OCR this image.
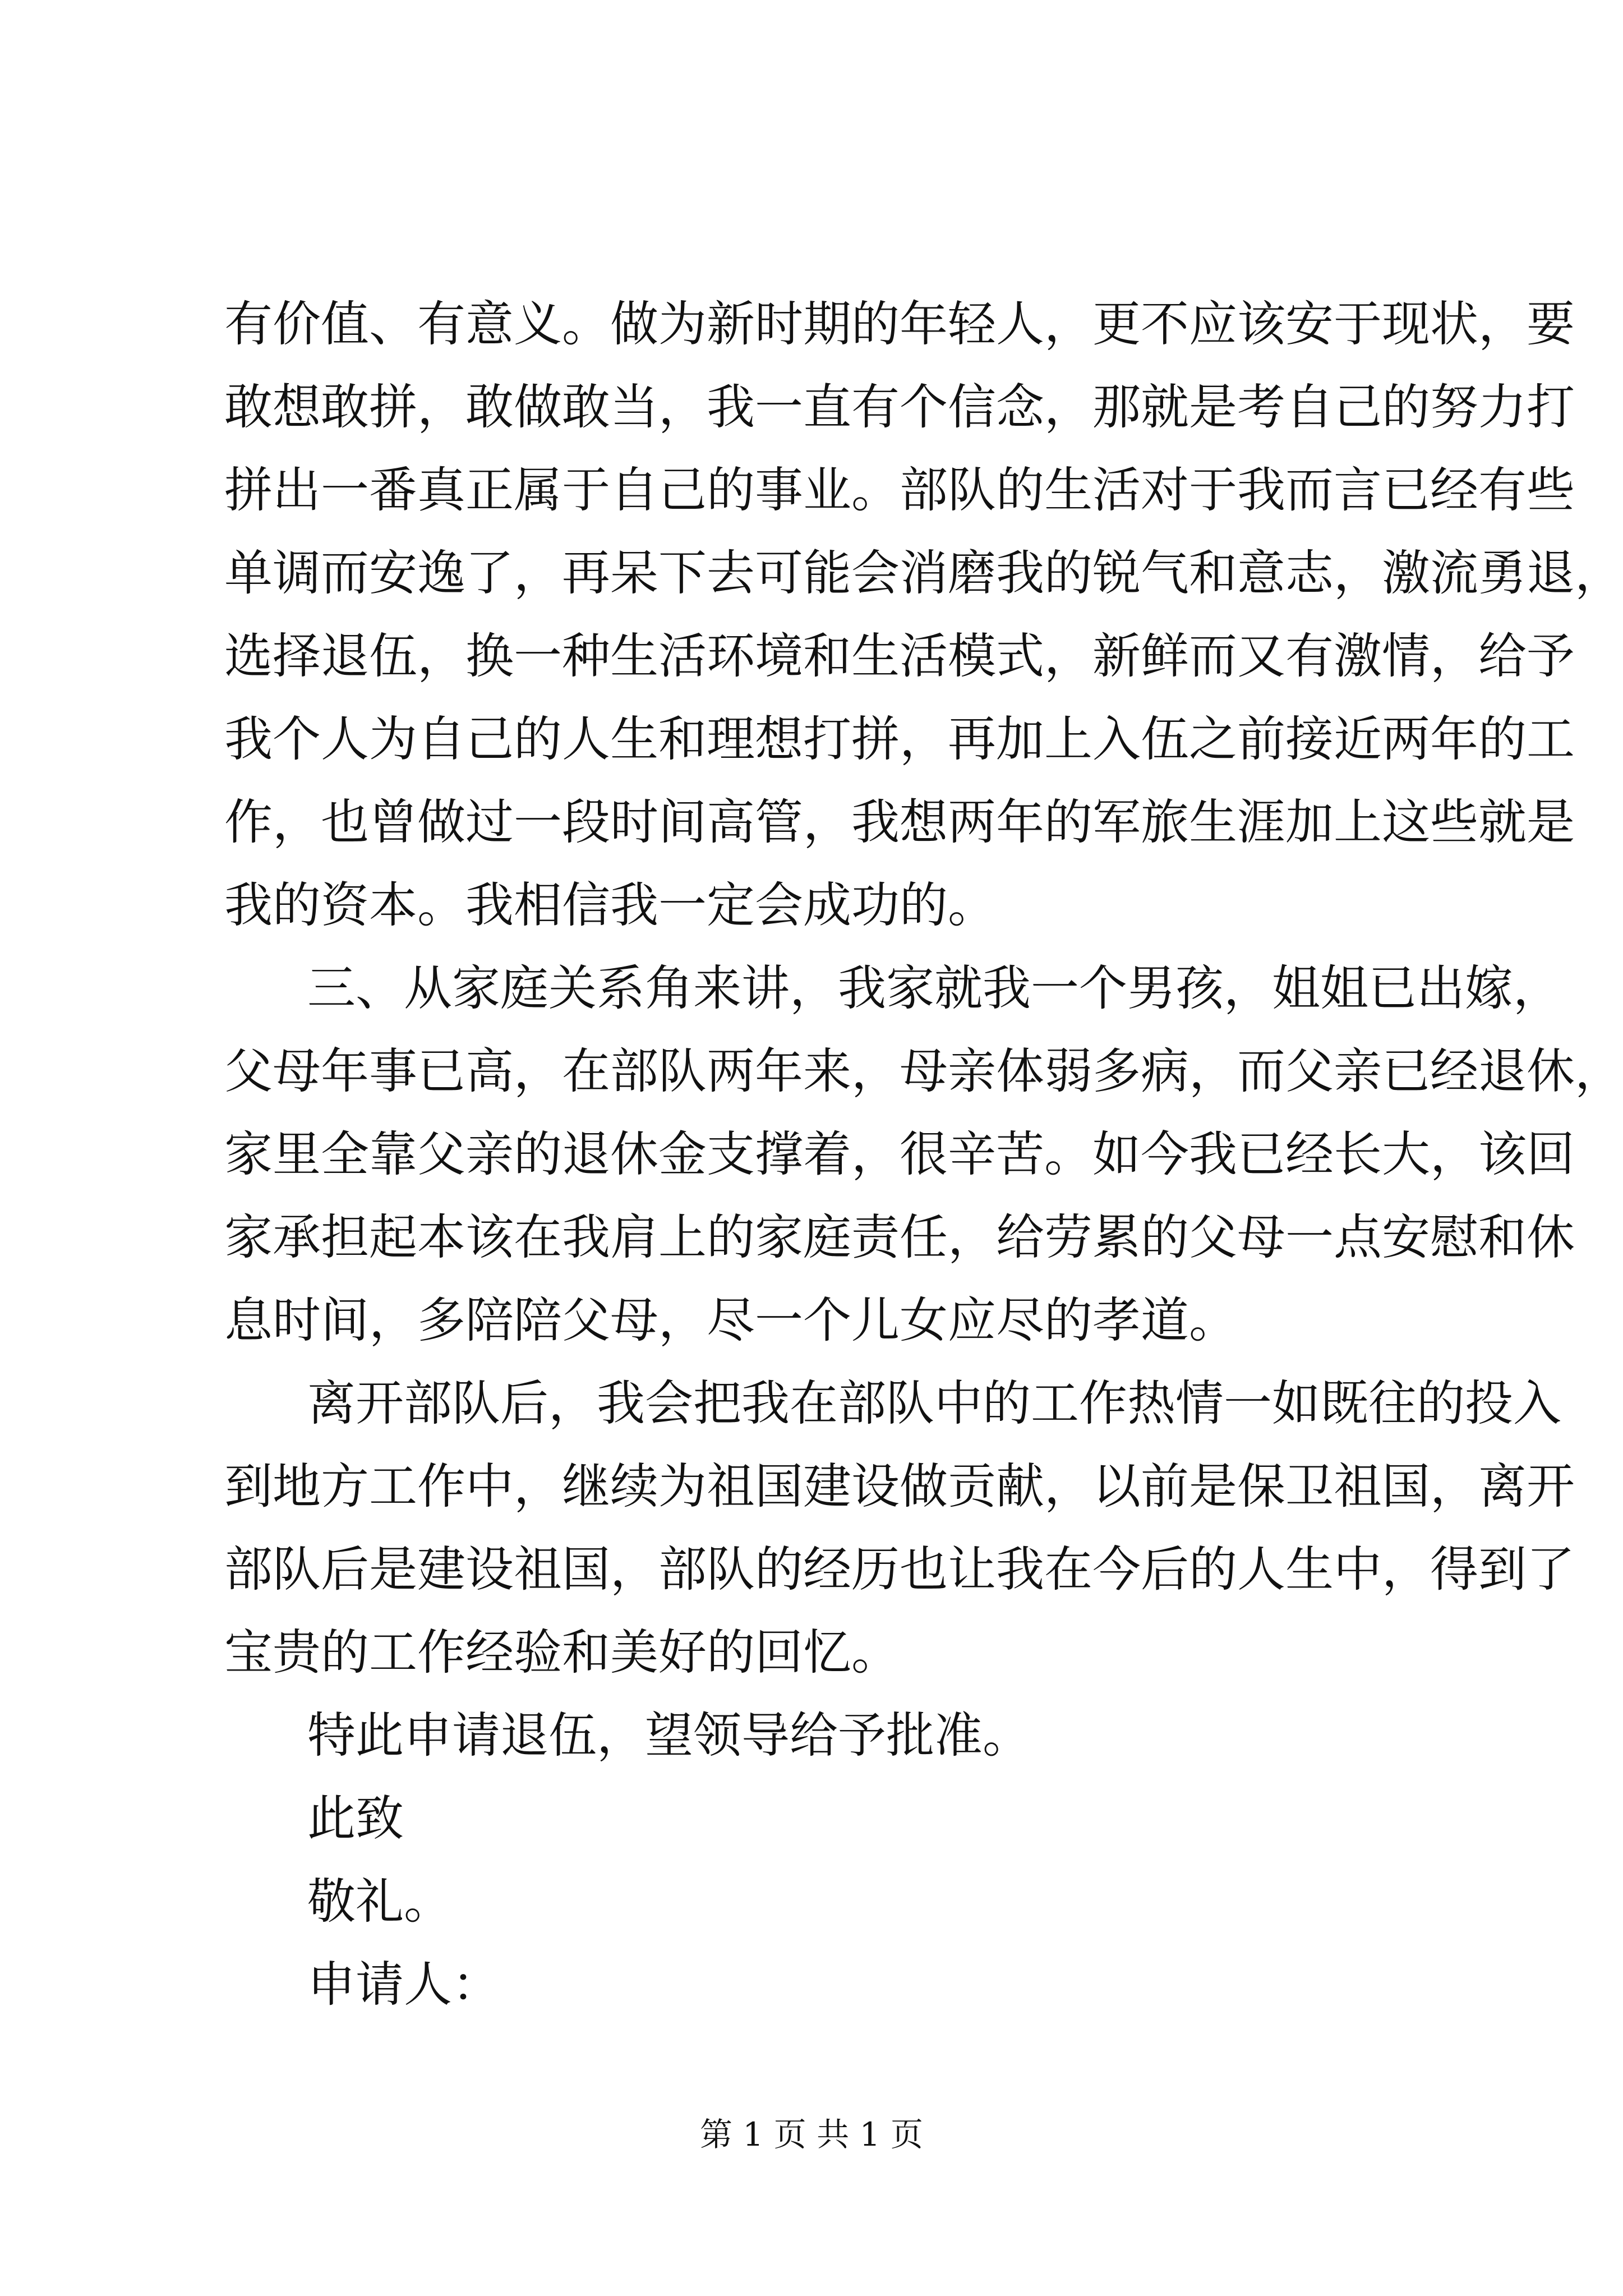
有价值、有意义。做为新时期的年轻人，更不应该安于现状，要
敢想敢拼，敢做敢当，我一直有个信念，那就是考自己的努力打
拼出一番真正属于自己的事业。部队的生活对于我而言已经有些
单调而安逸了，再呆下去可能会消磨我的锐气和意志，激流勇退，
选择退伍，换一种生活环境和生活模式，新鲜而又有激情，给予
我个人为自己的人生和理想打拼，再加上入伍之前接近两年的工
作，也曾做过一段时间高管，我想两年的军旅生涯加上这些就是
我的资本。我相信我一定会成功的。
三、从家庭关系角来讲，我家就我一个男孩，姐姐已出嫁，
父母年事已高，在部队两年来，母亲体弱多病，而父亲已经退休，
家里全靠父亲的退休金支撑着，很辛苦。如今我已经长大，该回
家承担起本该在我肩上的家庭责任，给劳累的父母一点安慰和休
息时间，多陪陪父母，尽一个儿女应尽的孝道。
离开部队后，我会把我在部队中的工作热情一如既往的投入
到地方工作中，继续为祖国建设做贡献，以前是保卫祖国，离开
部队后是建设祖国，部队的经历也让我在今后的人生中，得到了
宝贵的工作经验和美好的回忆。
特此申请退伍，望领导给予批准。
此致
敬礼。
申请人：
第 1 页 共 1 页
